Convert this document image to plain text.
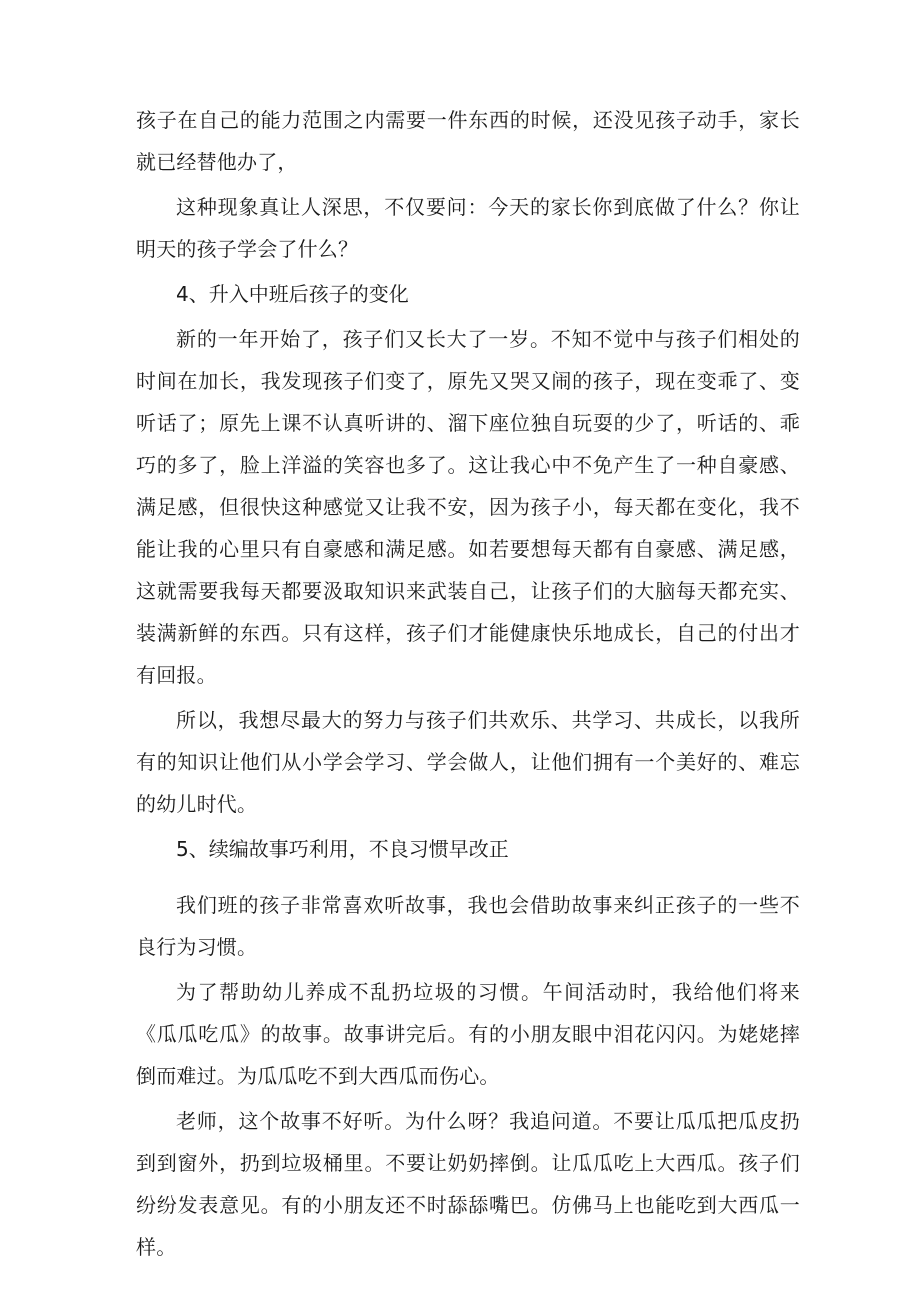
孩子在自己的能力范围之内需要一件东西的时候，还没见孩子动手，家长就已经替他办了，

这种现象真让人深思，不仅要问：今天的家长你到底做了什么？你让明天的孩子学会了什么？

4、升入中班后孩子的变化

新的一年开始了，孩子们又长大了一岁。不知不觉中与孩子们相处的时间在加长，我发现孩子们变了，原先又哭又闹的孩子，现在变乖了、变听话了；原先上课不认真听讲的、溜下座位独自玩耍的少了，听话的、乖巧的多了，脸上洋溢的笑容也多了。这让我心中不免产生了一种自豪感、满足感，但很快这种感觉又让我不安，因为孩子小，每天都在变化，我不能让我的心里只有自豪感和满足感。如若要想每天都有自豪感、满足感，这就需要我每天都要汲取知识来武装自己，让孩子们的大脑每天都充实、装满新鲜的东西。只有这样，孩子们才能健康快乐地成长，自己的付出才有回报。

所以，我想尽最大的努力与孩子们共欢乐、共学习、共成长，以我所有的知识让他们从小学会学习、学会做人，让他们拥有一个美好的、难忘的幼儿时代。

5、续编故事巧利用，不良习惯早改正

我们班的孩子非常喜欢听故事，我也会借助故事来纠正孩子的一些不良行为习惯。

为了帮助幼儿养成不乱扔垃圾的习惯。午间活动时，我给他们将来《瓜瓜吃瓜》的故事。故事讲完后。有的小朋友眼中泪花闪闪。为姥姥摔倒而难过。为瓜瓜吃不到大西瓜而伤心。

老师，这个故事不好听。为什么呀？我追问道。不要让瓜瓜把瓜皮扔到到窗外，扔到垃圾桶里。不要让奶奶摔倒。让瓜瓜吃上大西瓜。孩子们纷纷发表意见。有的小朋友还不时舔舔嘴巴。仿佛马上也能吃到大西瓜一样。
